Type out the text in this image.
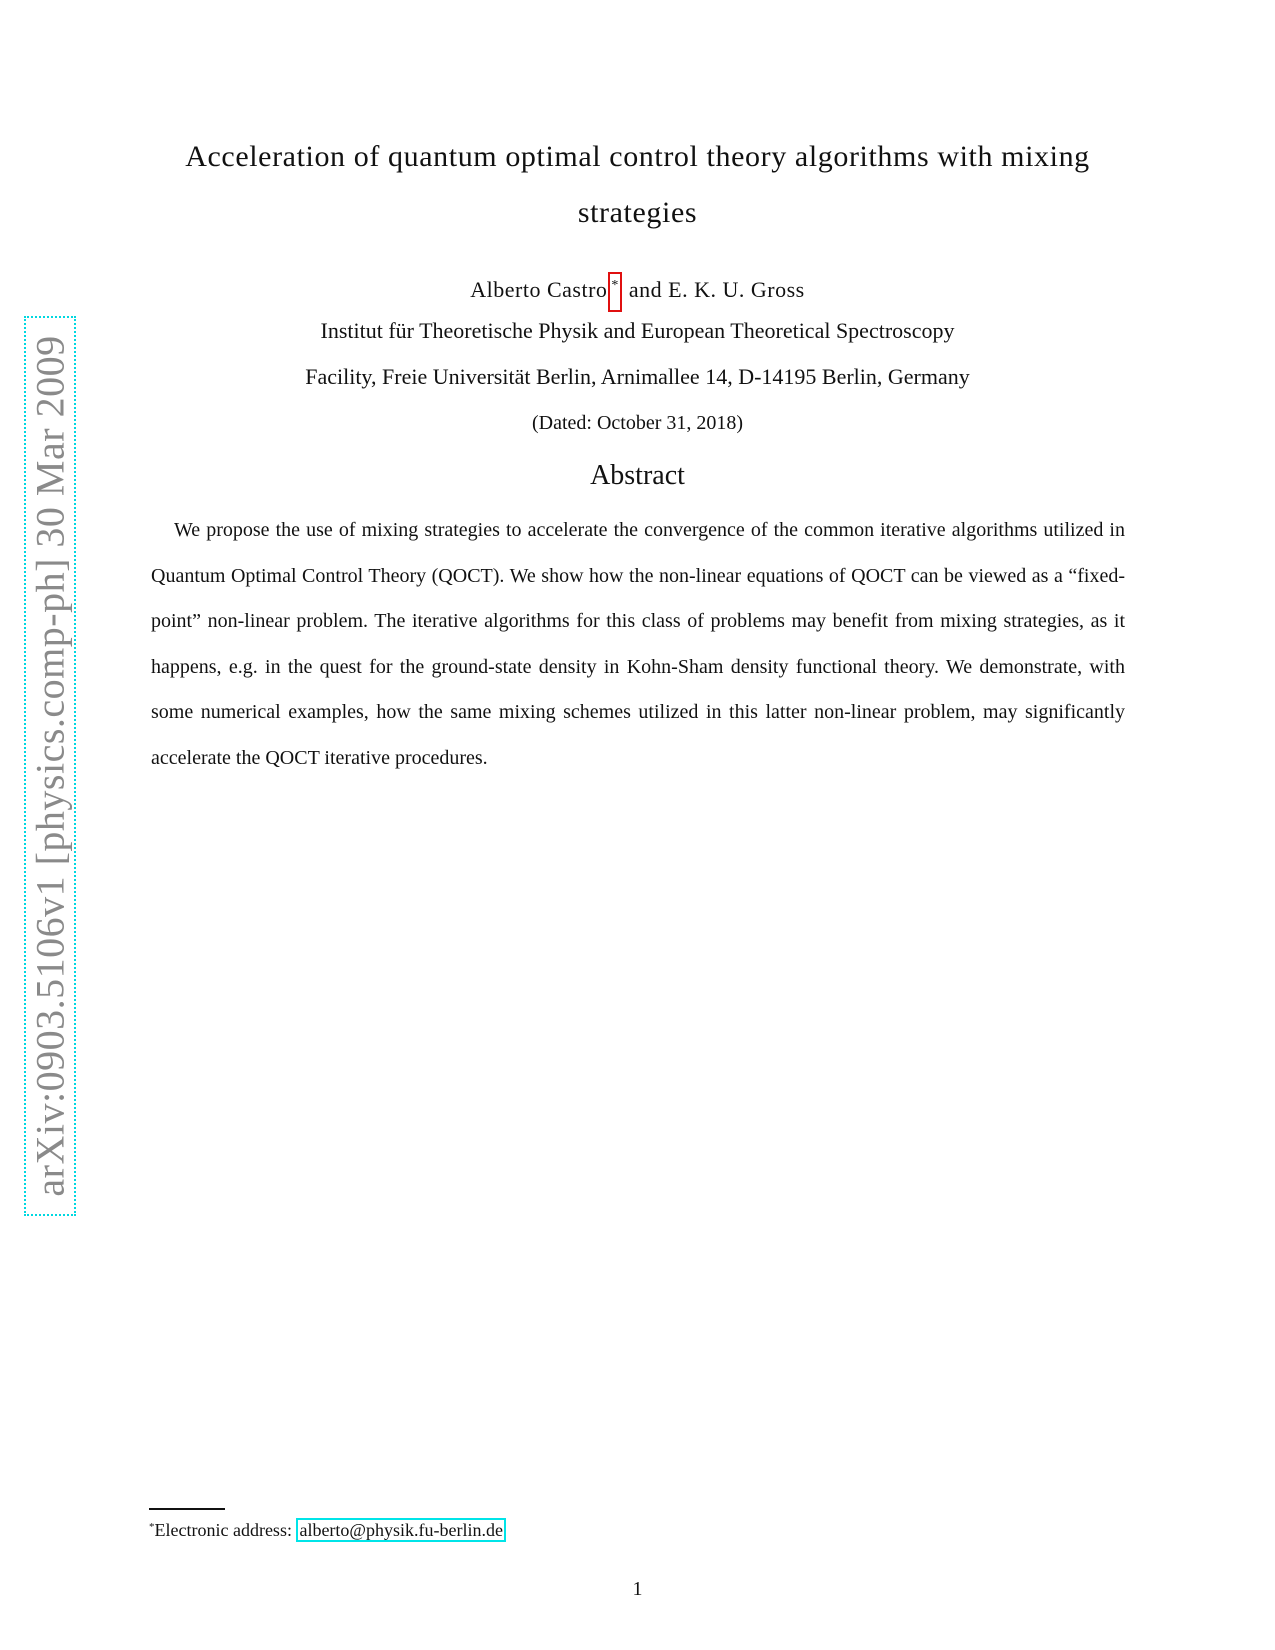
arXiv:0903.5106v1 [physics.comp-ph] 30 Mar 2009
Acceleration of quantum optimal control theory algorithms with mixing
strategies
Alberto Castro * and E. K. U. Gross
Institut für Theoretische Physik and European Theoretical Spectroscopy
Facility, Freie Universität Berlin, Arnimallee 14, D-14195 Berlin, Germany
(Dated: October 31, 2018)
Abstract

We propose the use of mixing strategies to accelerate the convergence of the common iterative algorithms utilized in Quantum Optimal Control Theory (QOCT). We show how the non-linear equations of QOCT can be viewed as a “fixed-point” non-linear problem. The iterative algorithms for this class of problems may benefit from mixing strategies, as it happens, e.g. in the quest for the ground-state density in Kohn-Sham density functional theory. We demonstrate, with some numerical examples, how the same mixing schemes utilized in this latter non-linear problem, may significantly accelerate the QOCT iterative procedures.

*Electronic address: alberto@physik.fu-berlin.de
1
